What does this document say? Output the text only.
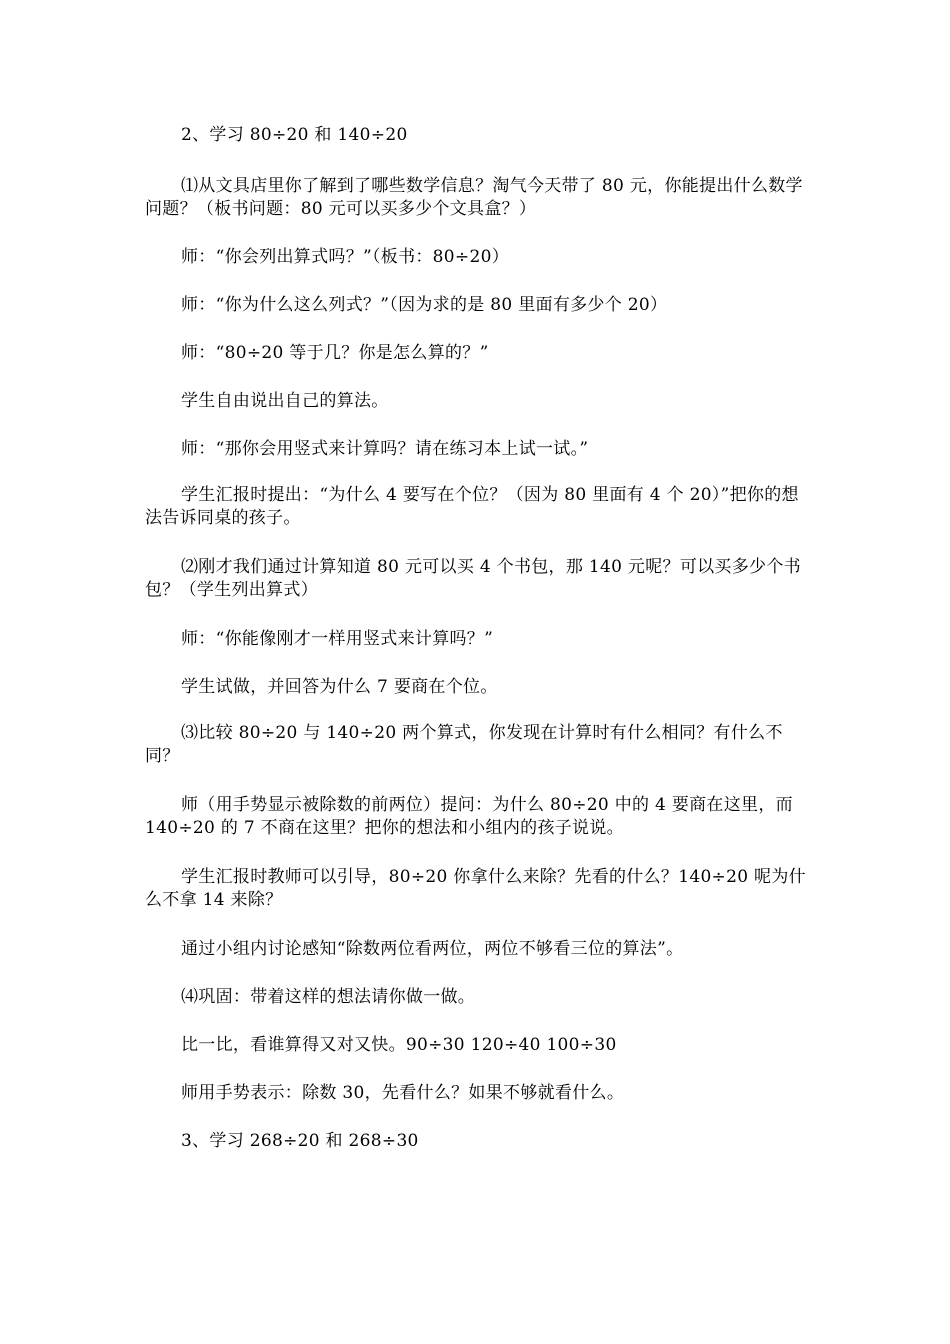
2、学习 80÷20 和 140÷20

⑴从文具店里你了解到了哪些数学信息？淘气今天带了 80 元，你能提出什么数学问题？（板书问题：80 元可以买多少个文具盒？）

师：“你会列出算式吗？”（板书：80÷20）

师：“你为什么这么列式？”（因为求的是 80 里面有多少个 20）

师：“80÷20 等于几？你是怎么算的？”

学生自由说出自己的算法。

师：“那你会用竖式来计算吗？请在练习本上试一试。”

学生汇报时提出：“为什么 4 要写在个位？（因为 80 里面有 4 个 20）”把你的想法告诉同桌的孩子。

⑵刚才我们通过计算知道 80 元可以买 4 个书包，那 140 元呢？可以买多少个书包？（学生列出算式）

师：“你能像刚才一样用竖式来计算吗？”

学生试做，并回答为什么 7 要商在个位。

⑶比较 80÷20 与 140÷20 两个算式，你发现在计算时有什么相同？有什么不同？

师（用手势显示被除数的前两位）提问：为什么 80÷20 中的 4 要商在这里，而 140÷20 的 7 不商在这里？把你的想法和小组内的孩子说说。

学生汇报时教师可以引导，80÷20 你拿什么来除？先看的什么？140÷20 呢为什么不拿 14 来除？

通过小组内讨论感知“除数两位看两位，两位不够看三位的算法”。

⑷巩固：带着这样的想法请你做一做。

比一比，看谁算得又对又快。90÷30 120÷40 100÷30

师用手势表示：除数 30，先看什么？如果不够就看什么。

3、学习 268÷20 和 268÷30
